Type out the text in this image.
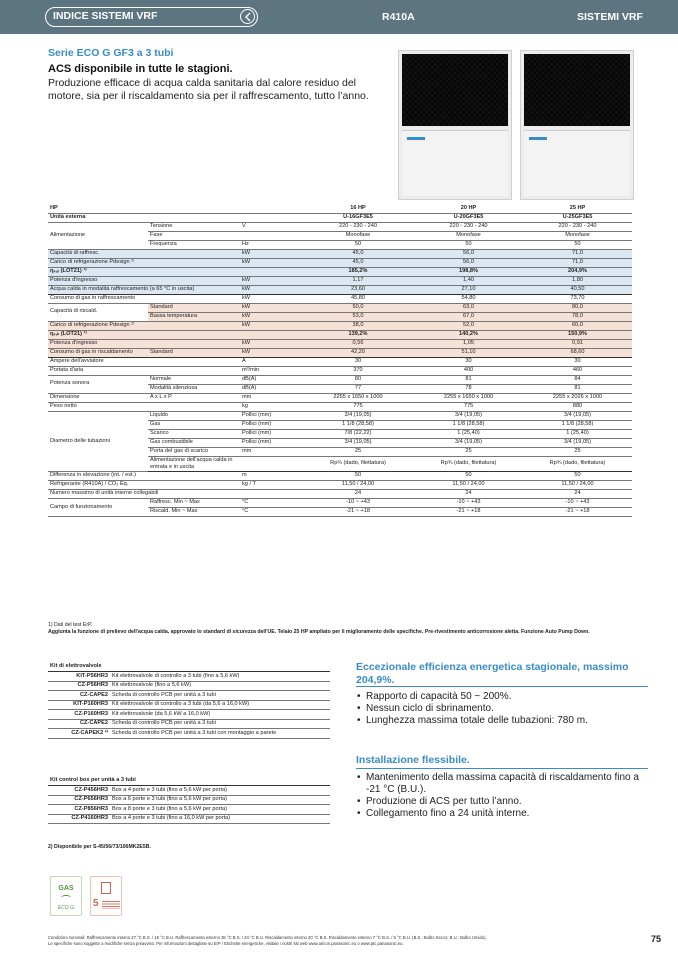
INDICE SISTEMI VRF	R410A	SISTEMI VRF
Serie ECO G GF3 a 3 tubi
ACS disponibile in tutte le stagioni.
Produzione efficace di acqua calda sanitaria dal calore residuo del motore, sia per il riscaldamento sia per il raffrescamento, tutto l’anno.
HP			16 HP	20 HP	25 HP
Unità esterna			U-16GF3E5	U-20GF3E5	U-25GF3E5
Alimentazione	Tensione	V	220 - 230 - 240	220 - 230 - 240	220 - 230 - 240
	Fase		Monofase	Monofase	Monofase
	Frequenza	Hz	50	50	50
Capacità di raffresc.		kW	45,0	56,0	71,0
Carico di refrigerazione Pdesign ¹⁾		kW	45,0	56,0	71,0
ηₛ,ₓ (LOT21) ¹⁾			185,2%	198,8%	204,9%
Potenza d'ingresso		kW	1,17	1,40	1,80
Acqua calda in modalità raffrescamento (a 65 °C in uscita)		kW	23,60	27,10	40,50
Consumo di gas in raffrescamento		kW	45,80	54,80	73,70
Capacità di riscald.	Standard	kW	50,0	63,0	80,0
	Bassa temperatura	kW	53,0	67,0	78,0
Carico di refrigerazione Pdesign ¹⁾		kW	38,0	52,0	60,0
ηₛ,ₕ (LOT21) ¹⁾			139,2%	140,2%	150,9%
Potenza d'ingresso		kW	0,56	1,05	0,91
Consumo di gas in riscaldamento	Standard	kW	42,20	51,10	68,60
Ampere dell'avviatore		A	30	30	30
Portata d'aria		m³/min	370	400	460
Potenza sonora	Normale	dB(A)	80	81	84
	Modalità silenziosa	dB(A)	77	78	81
Dimensione	A x L x P	mm	2255 x 1650 x 1000	2255 x 1650 x 1000	2255 x 2026 x 1000
Peso netto		kg	775	775	880
Diametro delle tubazioni	Liquido	Pollici (mm)	3/4 (19,05)	3/4 (19,05)	3/4 (19,05)
	Gas	Pollici (mm)	1 1/8 (28,58)	1 1/8 (28,58)	1 1/8 (28,58)
	Scarico	Pollici (mm)	7/8 (22,22)	1 (25,40)	1 (25,40)
	Gas combustibile	Pollici (mm)	3/4 (19,05)	3/4 (19,05)	3/4 (19,05)
	Porta del gas di scarico	mm	25	25	25
	Alimentazione dell'acqua calda in entrata e in uscita		Rp¾ (dado, filettatura)	Rp¾ (dado, filettatura)	Rp¾ (dado, filettatura)
Differenza in elevazione (int. / est.)		m	50	50	50
Refrigerante (R410A) / CO₂ Eq.		kg / T	11,50 / 24,00	11,50 / 24,00	11,50 / 24,00
Numero massimo di unità interne collegabili			24	24	24
Campo di funzionamento	Raffresc. Min ~ Max	°C	-10 ~ +43	-10 ~ +43	-10 ~ +43
	Riscald. Min ~ Max	°C	-21 ~ +18	-21 ~ +18	-21 ~ +18
1) Dati del test ErP.
Aggiunta la funzione di prelievo dell'acqua calda, approvato lo standard di sicurezza dell'UE. Telaio 25 HP ampliato per il miglioramento delle specifiche. Pre-rivestimento anticorrosione aletta. Funzione Auto Pump Down.
Kit di elettrovalvole	
KIT-P56HR3	Kit elettrovalvole di controllo a 3 tubi (fino a 5,6 kW)
CZ-P56HR3	Kit elettrovalvole (fino a 5,6 kW)
CZ-CAPE2	Scheda di controllo PCB per unità a 3 tubi
KIT-P160HR3	Kit elettrovalvole di controllo a 3 tubi (da 5,6 a 16,0 kW)
CZ-P160HR3	Kit elettrovalvole (da 5,6 kW a 16,0 kW)
CZ-CAPE2	Scheda di controllo PCB per unità a 3 tubi
CZ-CAPEK2 ²⁾	Scheda di controllo PCB per unità a 3 tubi con montaggio a parete
Kit control box per unità a 3 tubi	
CZ-P456HR3	Box a 4 porte e 3 tubi (fino a 5,6 kW per porta)
CZ-P656HR3	Box a 6 porte e 3 tubi (fino a 5,6 kW per porta)
CZ-P856HR3	Box a 8 porte e 3 tubi (fino a 5,6 kW per porta)
CZ-P4160HR3	Box a 4 porte e 3 tubi (fino a 16,0 kW per porta)
2) Disponibile per S-45/56/73/106MK2E5B.
Eccezionale efficienza energetica stagionale, massimo 204,9%.
• Rapporto di capacità 50 ~ 200%.
• Nessun ciclo di sbrinamento.
• Lunghezza massima totale delle tubazioni: 780 m.
Installazione flessibile.
• Mantenimento della massima capacità di riscaldamento fino a -21 °C (B.U.).
• Produzione di ACS per tutto l’anno.
• Collegamento fino a 24 unità interne.
GAS
ECO G	5
Condizioni nominali: Raffrescamento interno 27 °C B.S. / 19 °C B.U. Raffrescamento esterno 35 °C B.S. / 24 °C B.U. Riscaldamento interno 20 °C B.S. Riscaldamento esterno 7 °C B.S. / 6 °C B.U. (B.S.: Bulbo Secco; B.U.: Bulbo Umido).
Le specifiche sono soggette a modifiche senza preavviso. Per informazioni dettagliate su ErP / Etichette energetiche, visitate i nostri siti web www.aircon.panasonic.eu o www.ptc.panasonic.eu.	75
